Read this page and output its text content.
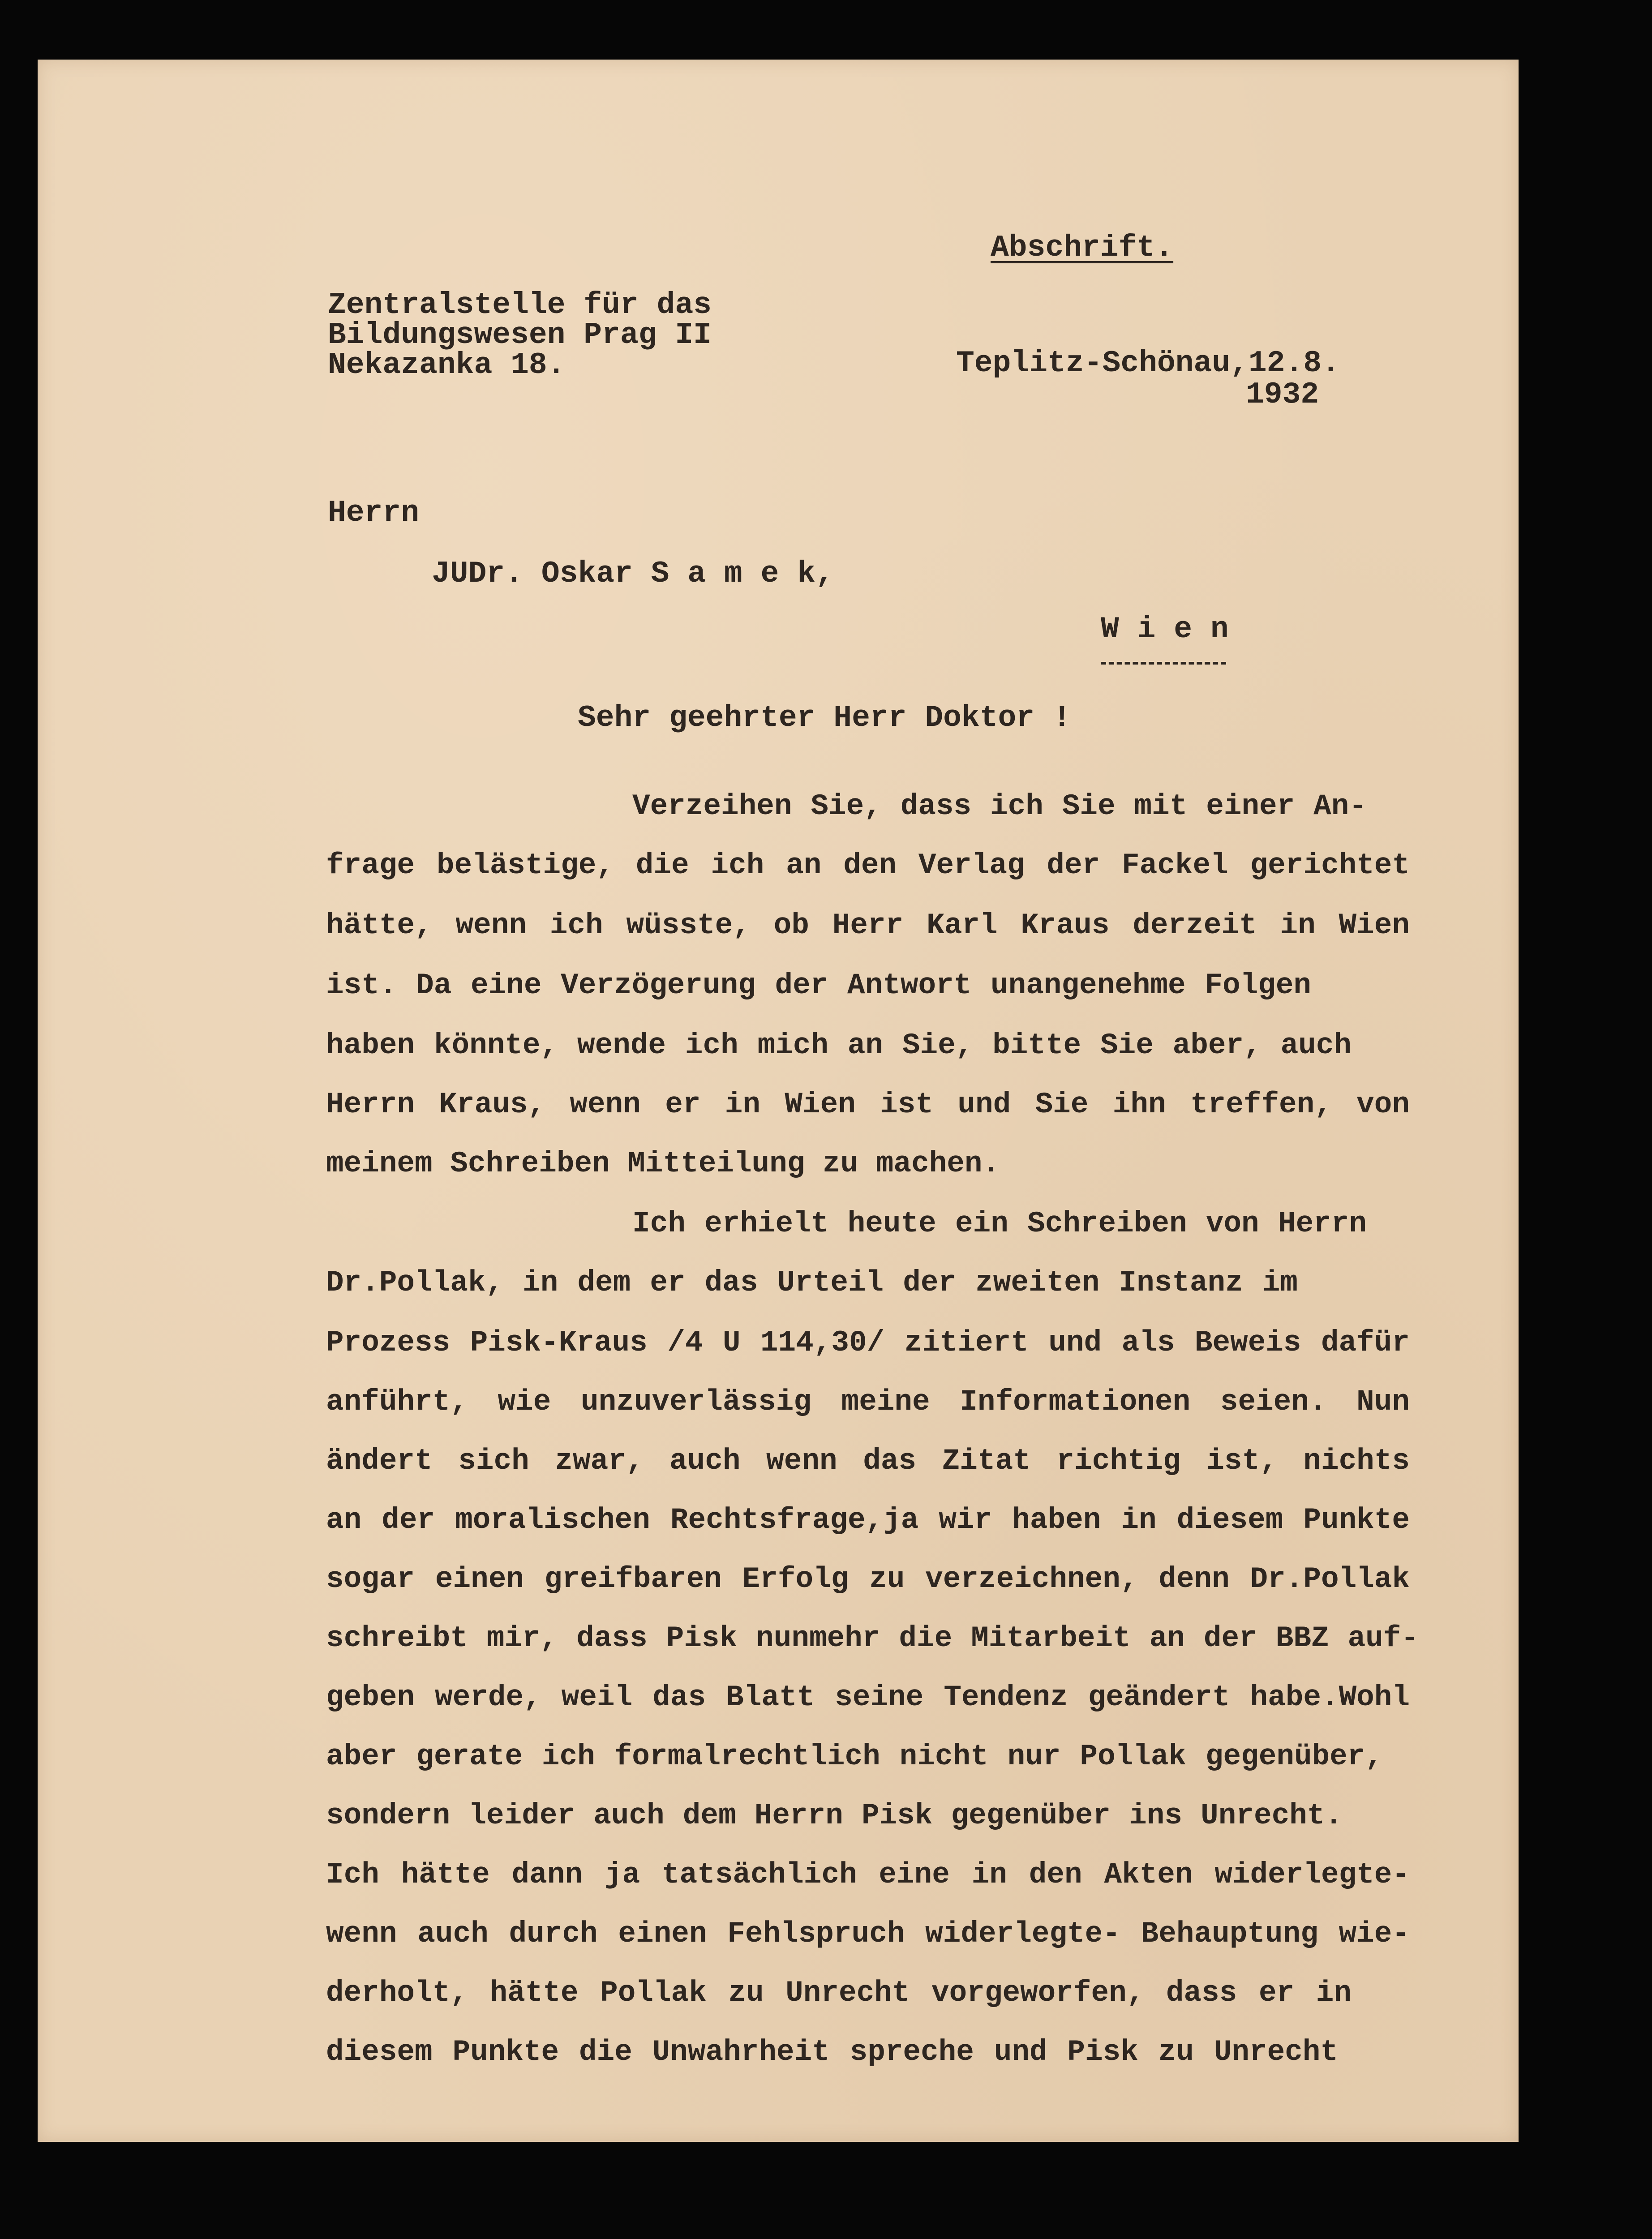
Abschrift.
Zentralstelle für das
Bildungswesen Prag II
Nekazanka 18.	Teplitz-Schönau,12.8.
1932
Herrn
JUDr. Oskar S a m e k,
W i e n
Sehr geehrter Herr Doktor !
Verzeihen Sie, dass ich Sie mit einer An-
frage belästige, die ich an den Verlag der Fackel gerichtet
hätte, wenn ich wüsste, ob Herr Karl Kraus derzeit in Wien
ist. Da eine Verzögerung der Antwort unangenehme Folgen
haben könnte, wende ich mich an Sie, bitte Sie aber, auch
Herrn Kraus, wenn er in Wien ist und Sie ihn treffen, von
meinem Schreiben Mitteilung zu machen.
Ich erhielt heute ein Schreiben von Herrn
Dr.Pollak, in dem er das Urteil der zweiten Instanz im
Prozess Pisk-Kraus /4 U 114,30/ zitiert und als Beweis dafür
anführt, wie unzuverlässig meine Informationen seien. Nun
ändert sich zwar, auch wenn das Zitat richtig ist, nichts
an der moralischen Rechtsfrage,ja wir haben in diesem Punkte
sogar einen greifbaren Erfolg zu verzeichnen, denn Dr.Pollak
schreibt mir, dass Pisk nunmehr die Mitarbeit an der BBZ auf-
geben werde, weil das Blatt seine Tendenz geändert habe.Wohl
aber gerate ich formalrechtlich nicht nur Pollak gegenüber,
sondern leider auch dem Herrn Pisk gegenüber ins Unrecht.
Ich hätte dann ja tatsächlich eine in den Akten widerlegte-
wenn auch durch einen Fehlspruch widerlegte- Behauptung wie-
derholt, hätte Pollak zu Unrecht vorgeworfen, dass er in
diesem Punkte die Unwahrheit spreche und Pisk zu Unrecht
